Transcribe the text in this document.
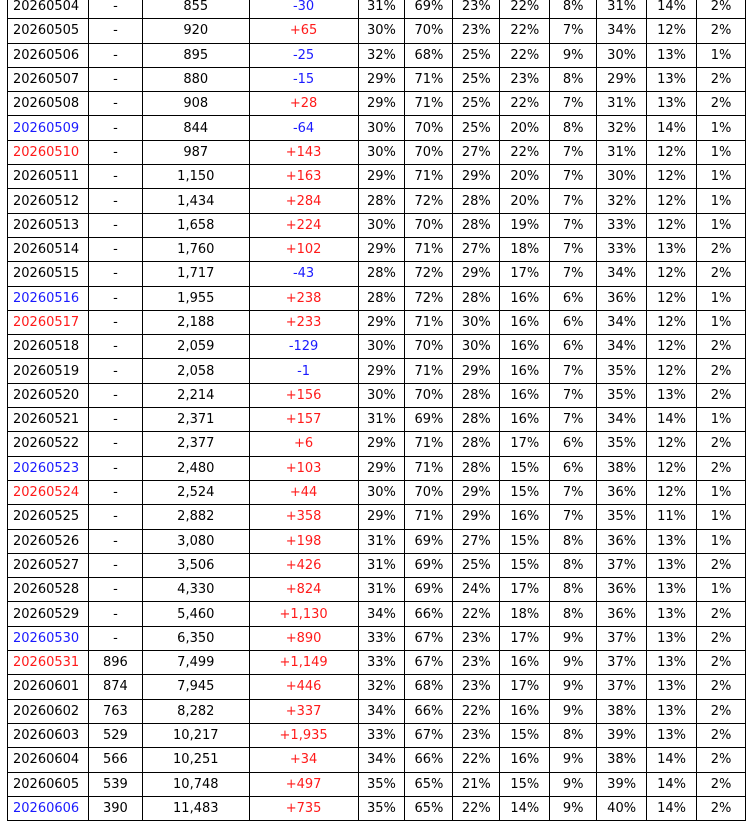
20260504	-	855	-30	31%	69%	23%	22%	8%	31%	14%	2%
20260505	-	920	+65	30%	70%	23%	22%	7%	34%	12%	2%
20260506	-	895	-25	32%	68%	25%	22%	9%	30%	13%	1%
20260507	-	880	-15	29%	71%	25%	23%	8%	29%	13%	2%
20260508	-	908	+28	29%	71%	25%	22%	7%	31%	13%	2%
20260509	-	844	-64	30%	70%	25%	20%	8%	32%	14%	1%
20260510	-	987	+143	30%	70%	27%	22%	7%	31%	12%	1%
20260511	-	1,150	+163	29%	71%	29%	20%	7%	30%	12%	1%
20260512	-	1,434	+284	28%	72%	28%	20%	7%	32%	12%	1%
20260513	-	1,658	+224	30%	70%	28%	19%	7%	33%	12%	1%
20260514	-	1,760	+102	29%	71%	27%	18%	7%	33%	13%	2%
20260515	-	1,717	-43	28%	72%	29%	17%	7%	34%	12%	2%
20260516	-	1,955	+238	28%	72%	28%	16%	6%	36%	12%	1%
20260517	-	2,188	+233	29%	71%	30%	16%	6%	34%	12%	1%
20260518	-	2,059	-129	30%	70%	30%	16%	6%	34%	12%	2%
20260519	-	2,058	-1	29%	71%	29%	16%	7%	35%	12%	2%
20260520	-	2,214	+156	30%	70%	28%	16%	7%	35%	13%	2%
20260521	-	2,371	+157	31%	69%	28%	16%	7%	34%	14%	1%
20260522	-	2,377	+6	29%	71%	28%	17%	6%	35%	12%	2%
20260523	-	2,480	+103	29%	71%	28%	15%	6%	38%	12%	2%
20260524	-	2,524	+44	30%	70%	29%	15%	7%	36%	12%	1%
20260525	-	2,882	+358	29%	71%	29%	16%	7%	35%	11%	1%
20260526	-	3,080	+198	31%	69%	27%	15%	8%	36%	13%	1%
20260527	-	3,506	+426	31%	69%	25%	15%	8%	37%	13%	2%
20260528	-	4,330	+824	31%	69%	24%	17%	8%	36%	13%	1%
20260529	-	5,460	+1,130	34%	66%	22%	18%	8%	36%	13%	2%
20260530	-	6,350	+890	33%	67%	23%	17%	9%	37%	13%	2%
20260531	896	7,499	+1,149	33%	67%	23%	16%	9%	37%	13%	2%
20260601	874	7,945	+446	32%	68%	23%	17%	9%	37%	13%	2%
20260602	763	8,282	+337	34%	66%	22%	16%	9%	38%	13%	2%
20260603	529	10,217	+1,935	33%	67%	23%	15%	8%	39%	13%	2%
20260604	566	10,251	+34	34%	66%	22%	16%	9%	38%	14%	2%
20260605	539	10,748	+497	35%	65%	21%	15%	9%	39%	14%	2%
20260606	390	11,483	+735	35%	65%	22%	14%	9%	40%	14%	2%
